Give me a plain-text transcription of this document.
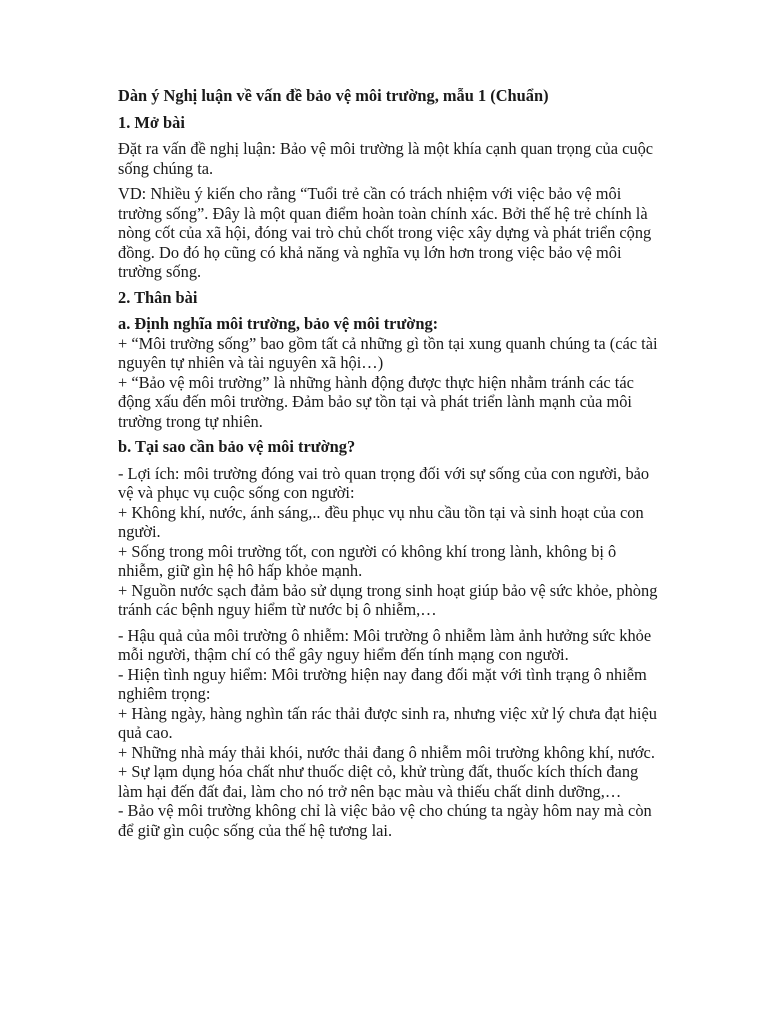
Dàn ý Nghị luận về vấn đề bảo vệ môi trường, mẫu 1 (Chuẩn)

1. Mở bài

Đặt ra vấn đề nghị luận: Bảo vệ môi trường là một khía cạnh quan trọng của cuộc sống chúng ta.

VD: Nhiều ý kiến cho rằng “Tuổi trẻ cần có trách nhiệm với việc bảo vệ môi trường sống”. Đây là một quan điểm hoàn toàn chính xác. Bởi thế hệ trẻ chính là nòng cốt của xã hội, đóng vai trò chủ chốt trong việc xây dựng và phát triển cộng đồng. Do đó họ cũng có khả năng và nghĩa vụ lớn hơn trong việc bảo vệ môi trường sống.

2. Thân bài

a. Định nghĩa môi trường, bảo vệ môi trường:

+ “Môi trường sống” bao gồm tất cả những gì tồn tại xung quanh chúng ta (các tài nguyên tự nhiên và tài nguyên xã hội…)

+ “Bảo vệ môi trường” là những hành động được thực hiện nhằm tránh các tác động xấu đến môi trường. Đảm bảo sự tồn tại và phát triển lành mạnh của môi trường trong tự nhiên.

b. Tại sao cần bảo vệ môi trường?

- Lợi ích: môi trường đóng vai trò quan trọng đối với sự sống của con người, bảo vệ và phục vụ cuộc sống con người:

+ Không khí, nước, ánh sáng,.. đều phục vụ nhu cầu tồn tại và sinh hoạt của con người.

+ Sống trong môi trường tốt, con người có không khí trong lành, không bị ô nhiễm, giữ gìn hệ hô hấp khỏe mạnh.

+ Nguồn nước sạch đảm bảo sử dụng trong sinh hoạt giúp bảo vệ sức khỏe, phòng tránh các bệnh nguy hiểm từ nước bị ô nhiễm,…

- Hậu quả của môi trường ô nhiễm: Môi trường ô nhiễm làm ảnh hưởng sức khỏe mỗi người, thậm chí có thể gây nguy hiểm đến tính mạng con người.

- Hiện tình nguy hiểm: Môi trường hiện nay đang đối mặt với tình trạng ô nhiễm nghiêm trọng:

+ Hàng ngày, hàng nghìn tấn rác thải được sinh ra, nhưng việc xử lý chưa đạt hiệu quả cao.

+ Những nhà máy thải khói, nước thải đang ô nhiễm môi trường không khí, nước.

+ Sự lạm dụng hóa chất như thuốc diệt cỏ, khử trùng đất, thuốc kích thích đang làm hại đến đất đai, làm cho nó trở nên bạc màu và thiếu chất dinh dưỡng,…

- Bảo vệ môi trường không chỉ là việc bảo vệ cho chúng ta ngày hôm nay mà còn để giữ gìn cuộc sống của thế hệ tương lai.
